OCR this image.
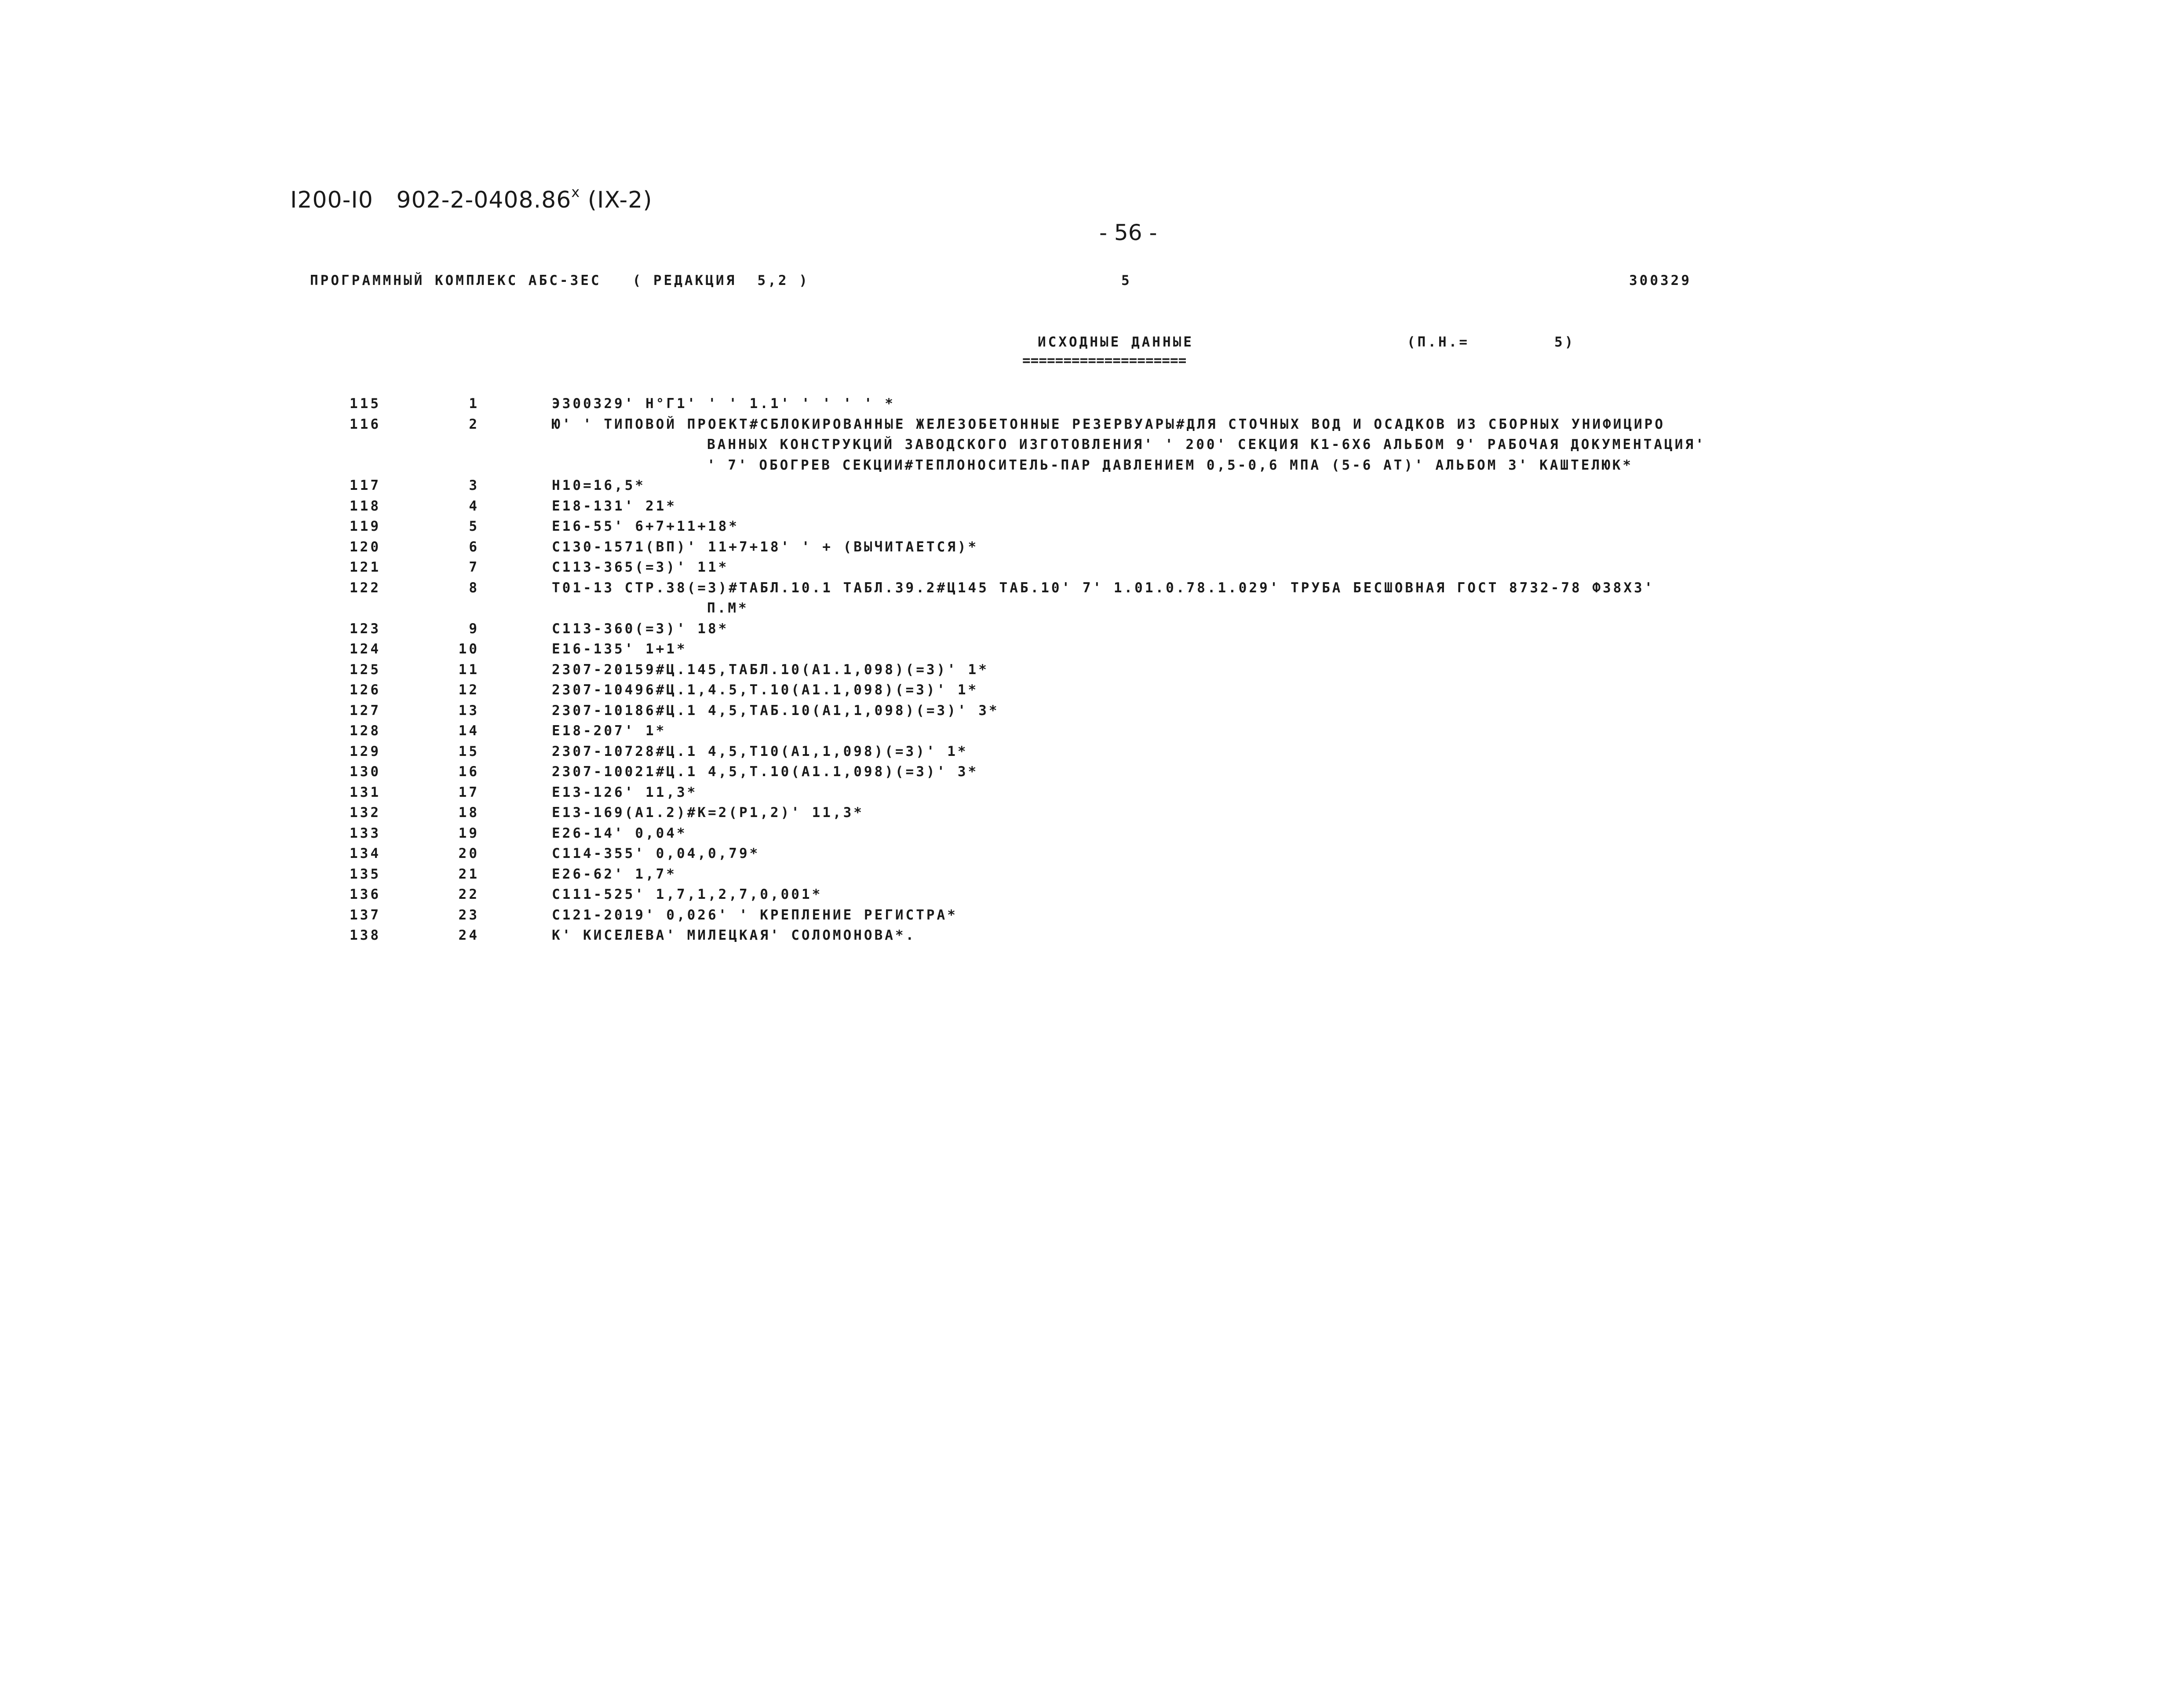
I200-I0 902-2-0408.86$^x$ (IX-2)
- 56 -
ПРОГРАММНЫЙ КОМПЛЕКС АБС-3ЕС   ( РЕДАКЦИЯ  5,2 )	5	300329
ИСХОДНЫЕ ДАННЫЕ
====================
(П.Н.=	5)
115	1	Э300329' Н°Г1' ' ' 1.1' ' ' ' ' *
116	2	Ю' ' ТИПОВОЙ ПРОЕКТ#СБЛОКИРОВАННЫЕ ЖЕЛЕЗОБЕТОННЫЕ РЕЗЕРВУАРЫ#ДЛЯ СТОЧНЫХ ВОД И ОСАДКОВ ИЗ СБОРНЫХ УНИФИЦИРО
ВАННЫХ КОНСТРУКЦИЙ ЗАВОДСКОГО ИЗГОТОВЛЕНИЯ' ' 200' СЕКЦИЯ К1-6Х6 АЛЬБОМ 9' РАБОЧАЯ ДОКУМЕНТАЦИЯ'
' 7' ОБОГРЕВ СЕКЦИИ#ТЕПЛОНОСИТЕЛЬ-ПАР ДАВЛЕНИЕМ 0,5-0,6 МПА (5-6 АТ)' АЛЬБОМ 3' КАШТЕЛЮК*
117	3	Н10=16,5*
118	4	Е18-131' 21*
119	5	Е16-55' 6+7+11+18*
120	6	С130-1571(ВП)' 11+7+18' ' + (ВЫЧИТАЕТСЯ)*
121	7	С113-365(=3)' 11*
122	8	Т01-13 СТР.38(=3)#ТАБЛ.10.1 ТАБЛ.39.2#Ц145 ТАБ.10' 7' 1.01.0.78.1.029' ТРУБА БЕСШОВНАЯ ГОСТ 8732-78 Ф38Х3'
П.М*
123	9	С113-360(=3)' 18*
124	10	Е16-135' 1+1*
125	11	2307-20159#Ц.145,ТАБЛ.10(А1.1,098)(=3)' 1*
126	12	2307-10496#Ц.1,4.5,Т.10(А1.1,098)(=3)' 1*
127	13	2307-10186#Ц.1 4,5,ТАБ.10(А1,1,098)(=3)' 3*
128	14	Е18-207' 1*
129	15	2307-10728#Ц.1 4,5,Т10(А1,1,098)(=3)' 1*
130	16	2307-10021#Ц.1 4,5,Т.10(А1.1,098)(=3)' 3*
131	17	Е13-126' 11,3*
132	18	Е13-169(А1.2)#К=2(Р1,2)' 11,3*
133	19	Е26-14' 0,04*
134	20	С114-355' 0,04,0,79*
135	21	Е26-62' 1,7*
136	22	С111-525' 1,7,1,2,7,0,001*
137	23	С121-2019' 0,026' ' КРЕПЛЕНИЕ РЕГИСТРА*
138	24	К' КИСЕЛЕВА' МИЛЕЦКАЯ' СОЛОМОНОВА*.
